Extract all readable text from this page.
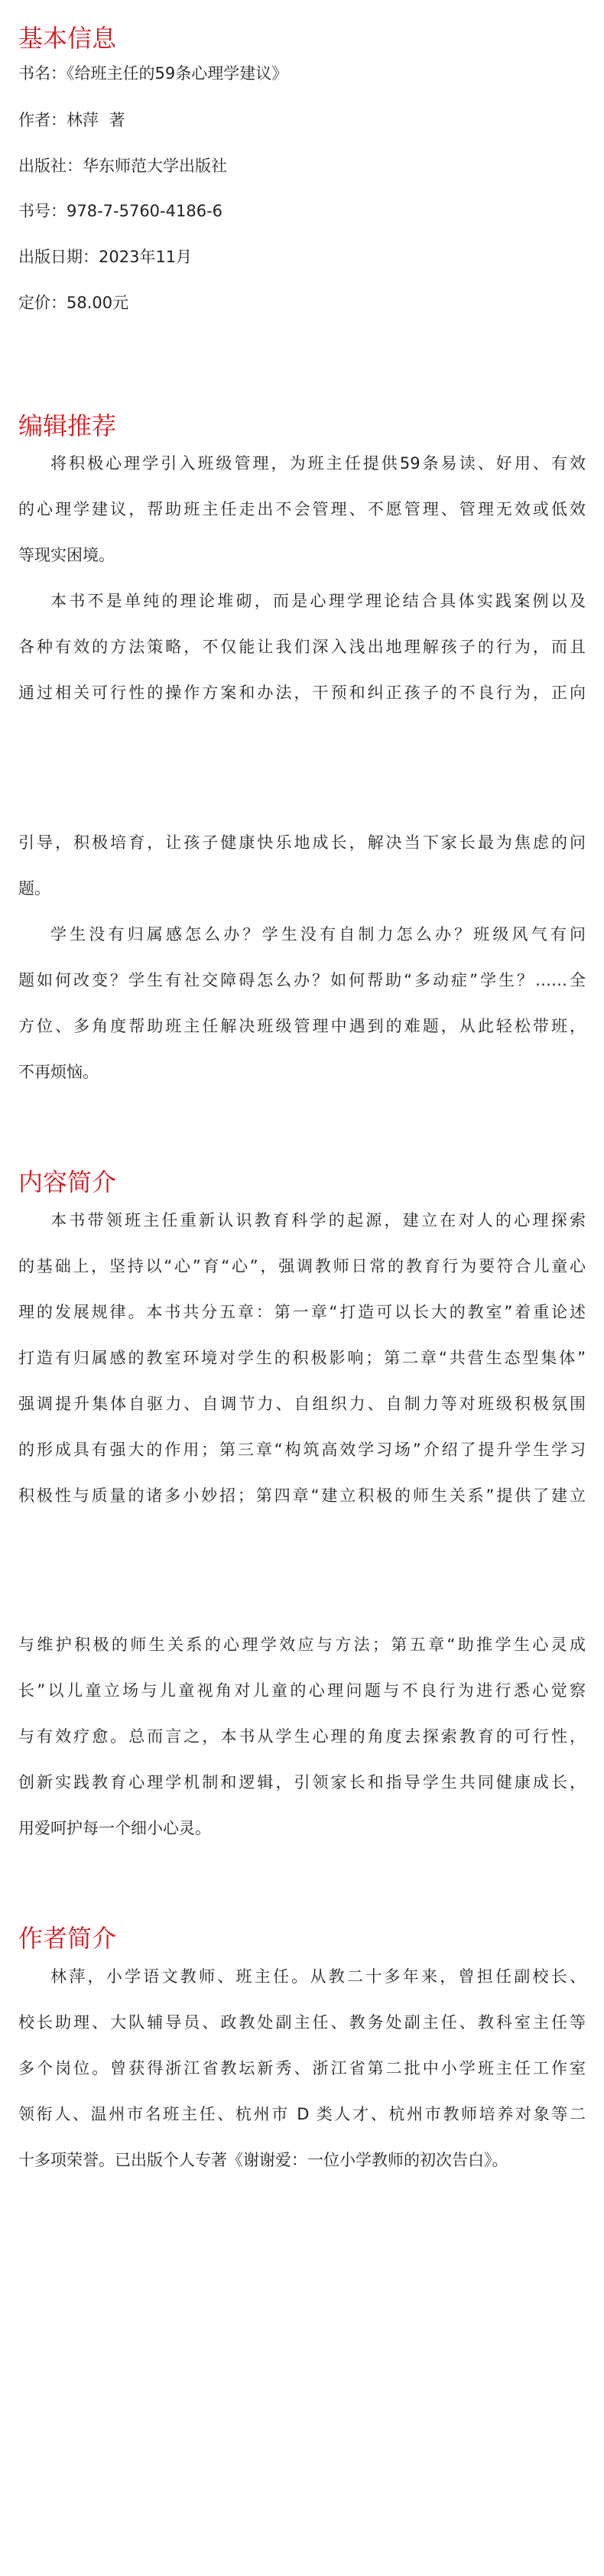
基本信息
书名：《给班主任的59条心理学建议》
作者：林萍  著
出版社：华东师范大学出版社
书号：978-7-5760-4186-6
出版日期：2023年11月
定价：58.00元
编辑推荐
将积极心理学引入班级管理，为班主任提供59条易读、好用、有效
的心理学建议，帮助班主任走出不会管理、不愿管理、管理无效或低效
等现实困境。
本书不是单纯的理论堆砌，而是心理学理论结合具体实践案例以及
各种有效的方法策略，不仅能让我们深入浅出地理解孩子的行为，而且
通过相关可行性的操作方案和办法，干预和纠正孩子的不良行为，正向
引导，积极培育，让孩子健康快乐地成长，解决当下家长最为焦虑的问
题。
学生没有归属感怎么办？学生没有自制力怎么办？班级风气有问
题如何改变？学生有社交障碍怎么办？如何帮助“多动症”学生？……全
方位、多角度帮助班主任解决班级管理中遇到的难题，从此轻松带班，
不再烦恼。
内容简介
本书带领班主任重新认识教育科学的起源，建立在对人的心理探索
的基础上，坚持以“心”育“心”，强调教师日常的教育行为要符合儿童心
理的发展规律。本书共分五章：第一章“打造可以长大的教室”着重论述
打造有归属感的教室环境对学生的积极影响；第二章“共营生态型集体”
强调提升集体自驱力、自调节力、自组织力、自制力等对班级积极氛围
的形成具有强大的作用；第三章“构筑高效学习场”介绍了提升学生学习
积极性与质量的诸多小妙招；第四章“建立积极的师生关系”提供了建立
与维护积极的师生关系的心理学效应与方法；第五章“助推学生心灵成
长”以儿童立场与儿童视角对儿童的心理问题与不良行为进行悉心觉察
与有效疗愈。总而言之，本书从学生心理的角度去探索教育的可行性，
创新实践教育心理学机制和逻辑，引领家长和指导学生共同健康成长，
用爱呵护每一个细小心灵。
作者简介
林萍，小学语文教师、班主任。从教二十多年来，曾担任副校长、
校长助理、大队辅导员、政教处副主任、教务处副主任、教科室主任等
多个岗位。曾获得浙江省教坛新秀、浙江省第二批中小学班主任工作室
领衔人、温州市名班主任、杭州市 D 类人才、杭州市教师培养对象等二
十多项荣誉。已出版个人专著《谢谢爱：一位小学教师的初次告白》。
